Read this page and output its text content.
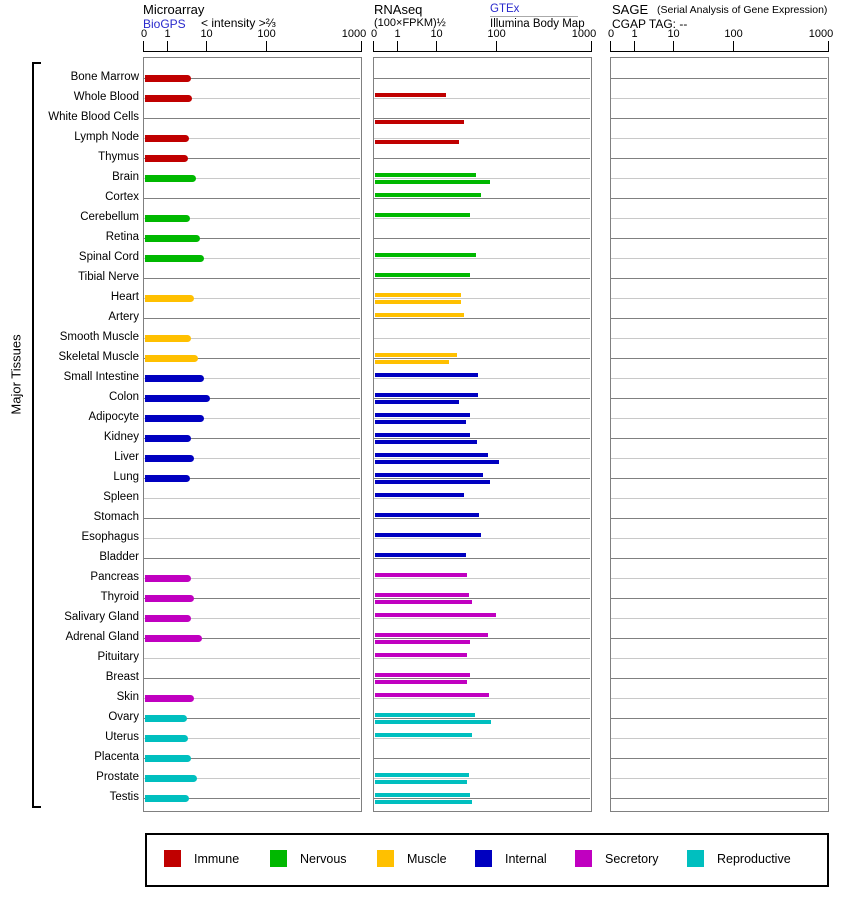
Microarray
BioGPS < intensity >⅔
RNAseq
(100×FPKM)½
GTEx
Illumina Body Map
SAGE (Serial Analysis of Gene Expression)
CGAP TAG: --
Major Tissues
0	1	10	100	1000 0	1	10	100	1000	0	1	10	100	1000
Bone Marrow
Whole Blood
White Blood Cells
Lymph Node
Thymus
Brain
Cortex
Cerebellum
Retina
Spinal Cord
Tibial Nerve
Heart
Artery
Smooth Muscle
Skeletal Muscle
Small Intestine
Colon
Adipocyte
Kidney
Liver
Lung
Spleen
Stomach
Esophagus
Bladder
Pancreas
Thyroid
Salivary Gland
Adrenal Gland
Pituitary
Breast
Skin
Ovary
Uterus
Placenta
Prostate
Testis
Immune	Nervous	Muscle	Internal	Secretory	Reproductive
